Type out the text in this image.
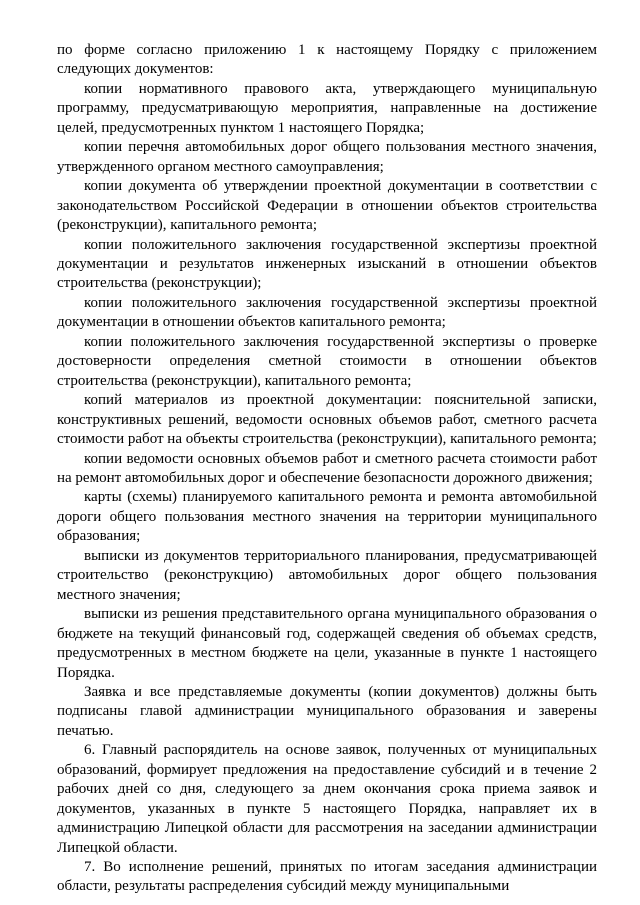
по форме согласно приложению 1 к настоящему Порядку с приложением следующих документов:

копии нормативного правового акта, утверждающего муниципальную программу, предусматривающую мероприятия, направленные на достижение целей, предусмотренных пунктом 1 настоящего Порядка;

копии перечня автомобильных дорог общего пользования местного значения, утвержденного органом местного самоуправления;

копии документа об утверждении проектной документации в соответствии с законодательством Российской Федерации в отношении объектов строительства (реконструкции), капитального ремонта;

копии положительного заключения государственной экспертизы проектной документации и результатов инженерных изысканий в отношении объектов строительства (реконструкции);

копии положительного заключения государственной экспертизы проектной документации в отношении объектов капитального ремонта;

копии положительного заключения государственной экспертизы о проверке достоверности определения сметной стоимости в отношении объектов строительства (реконструкции), капитального ремонта;

копий материалов из проектной документации: пояснительной записки, конструктивных решений, ведомости основных объемов работ, сметного расчета стоимости работ на объекты строительства (реконструкции), капитального ремонта;

копии ведомости основных объемов работ и сметного расчета стоимости работ на ремонт автомобильных дорог и обеспечение безопасности дорожного движения;

карты (схемы) планируемого капитального ремонта и ремонта автомобильной дороги общего пользования местного значения на территории муниципального образования;

выписки из документов территориального планирования, предусматривающей строительство (реконструкцию) автомобильных дорог общего пользования местного значения;

выписки из решения представительного органа муниципального образования о бюджете на текущий финансовый год, содержащей сведения об объемах средств, предусмотренных в местном бюджете на цели, указанные в пункте 1 настоящего Порядка.

Заявка и все представляемые документы (копии документов) должны быть подписаны главой администрации муниципального образования и заверены печатью.

6. Главный распорядитель на основе заявок, полученных от муниципальных образований, формирует предложения на предоставление субсидий и в течение 2 рабочих дней со дня, следующего за днем окончания срока приема заявок и документов, указанных в пункте 5 настоящего Порядка, направляет их в администрацию Липецкой области для рассмотрения на заседании администрации Липецкой области.

7. Во исполнение решений, принятых по итогам заседания администрации области, результаты распределения субсидий между муниципальными
